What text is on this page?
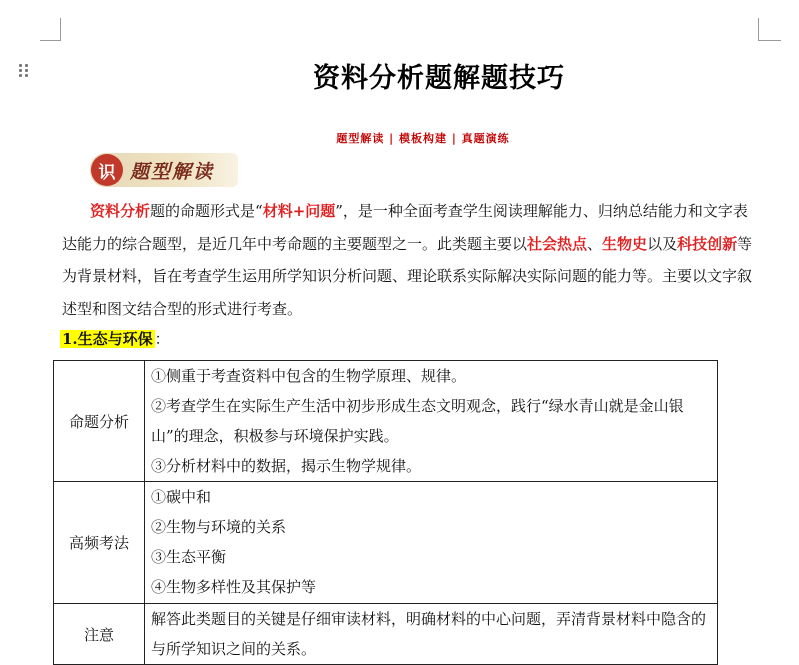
资料分析题解题技巧
题型解读 | 模板构建 | 真题演练
识 题型解读
资料分析题的命题形式是“材料+问题”，是一种全面考查学生阅读理解能力、归纳总结能力和文字表达能力的综合题型，是近几年中考命题的主要题型之一。此类题主要以社会热点、生物史以及科技创新等为背景材料，旨在考查学生运用所学知识分析问题、理论联系实际解决实际问题的能力等。主要以文字叙述型和图文结合型的形式进行考查。
1.生态与环保 ：
命题分析	①侧重于考查资料中包含的生物学原理、规律。
②考查学生在实际生产生活中初步形成生态文明观念，践行“绿水青山就是金山银山”的理念，积极参与环境保护实践。
③分析材料中的数据，揭示生物学规律。

高频考法	①碳中和
②生物与环境的关系
③生态平衡
④生物多样性及其保护等

注意	解答此类题目的关键是仔细审读材料，明确材料的中心问题，弄清背景材料中隐含的与所学知识之间的关系。
